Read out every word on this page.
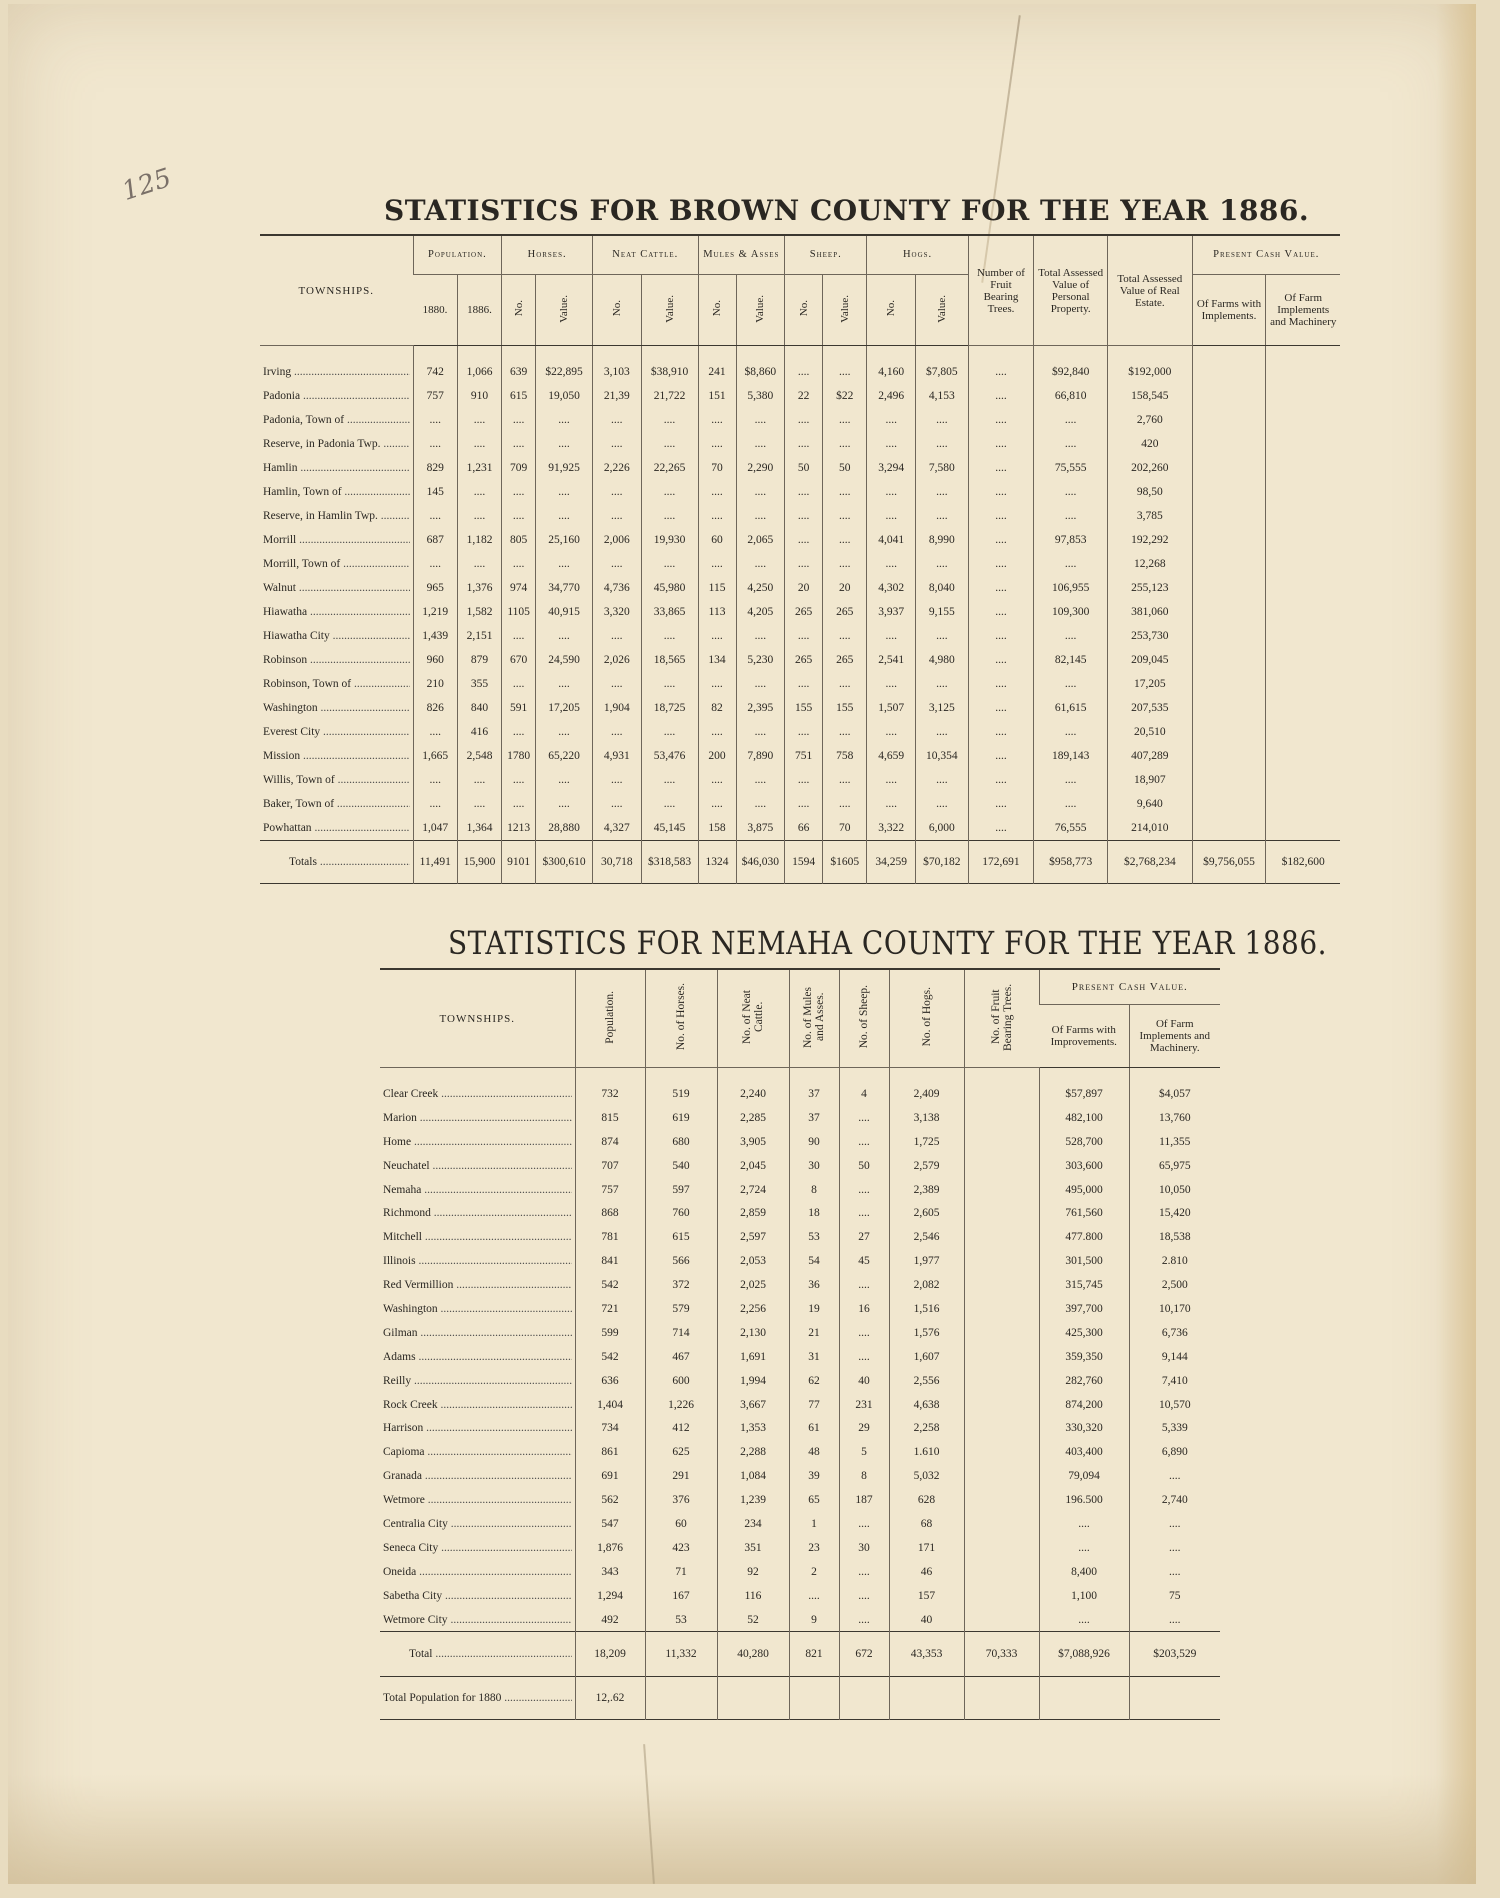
125
STATISTICS FOR BROWN COUNTY FOR THE YEAR 1886.
TOWNSHIPS.	Population.		Horses.		Neat Cattle.		Mules & Asses		Sheep.		Hogs.		Number of Fruit Bearing Trees.	Total Assessed Value of Personal Property.	Total Assessed Value of Real Estate.	Present Cash Value.	
	1880.	1886.	No.	Value.	No.	Value.	No.	Value.	No.	Value.	No.	Value.				Of Farms with Implements.	Of Farm Implements and Machinery

Irving .....	742	1,066	639	$22,895	3,103	$38,910	241	$8,860	....	....	4,160	$7,805	....	$92,840	$192,000		

Padonia .....	757	910	615	19,050	21,39	21,722	151	5,380	22	$22	2,496	4,153	....	66,810	158,545		

Padonia, Town of .....	....	....	....	....	....	....	....	....	....	....	....	....	....	....	2,760		

Reserve, in Padonia Twp. .....	....	....	....	....	....	....	....	....	....	....	....	....	....	....	420		

Hamlin .....	829	1,231	709	91,925	2,226	22,265	70	2,290	50	50	3,294	7,580	....	75,555	202,260		

Hamlin, Town of .....	145	....	....	....	....	....	....	....	....	....	....	....	....	....	98,50		

Reserve, in Hamlin Twp. .....	....	....	....	....	....	....	....	....	....	....	....	....	....	....	3,785		

Morrill .....	687	1,182	805	25,160	2,006	19,930	60	2,065	....	....	4,041	8,990	....	97,853	192,292		

Morrill, Town of .....	....	....	....	....	....	....	....	....	....	....	....	....	....	....	12,268		

Walnut .....	965	1,376	974	34,770	4,736	45,980	115	4,250	20	20	4,302	8,040	....	106,955	255,123		

Hiawatha .....	1,219	1,582	1105	40,915	3,320	33,865	113	4,205	265	265	3,937	9,155	....	109,300	381,060		

Hiawatha City .....	1,439	2,151	....	....	....	....	....	....	....	....	....	....	....	....	253,730		

Robinson .....	960	879	670	24,590	2,026	18,565	134	5,230	265	265	2,541	4,980	....	82,145	209,045		

Robinson, Town of .....	210	355	....	....	....	....	....	....	....	....	....	....	....	....	17,205		

Washington .....	826	840	591	17,205	1,904	18,725	82	2,395	155	155	1,507	3,125	....	61,615	207,535		

Everest City .....	....	416	....	....	....	....	....	....	....	....	....	....	....	....	20,510		

Mission .....	1,665	2,548	1780	65,220	4,931	53,476	200	7,890	751	758	4,659	10,354	....	189,143	407,289		

Willis, Town of .....	....	....	....	....	....	....	....	....	....	....	....	....	....	....	18,907		

Baker, Town of .....	....	....	....	....	....	....	....	....	....	....	....	....	....	....	9,640		

Powhattan .....	1,047	1,364	1213	28,880	4,327	45,145	158	3,875	66	70	3,322	6,000	....	76,555	214,010		

Totals .....	11,491	15,900	9101	$300,610	30,718	$318,583	1324	$46,030	1594	$1605	34,259	$70,182	172,691	$958,773	$2,768,234	$9,756,055	$182,600
STATISTICS FOR NEMAHA COUNTY FOR THE YEAR 1886.
TOWNSHIPS.	Population.	No. of Horses.	No. of Neat Cattle.	No. of Mules and Asses.	No. of Sheep.	No. of Hogs.	No. of Fruit Bearing Trees.	Present Cash Value.	
								Of Farms with Improvements.	Of Farm Implements and Machinery.

Clear Creek .....	732	519	2,240	37	4	2,409		$57,897	$4,057

Marion .....	815	619	2,285	37	....	3,138		482,100	13,760

Home .....	874	680	3,905	90	....	1,725		528,700	11,355

Neuchatel .....	707	540	2,045	30	50	2,579		303,600	65,975

Nemaha .....	757	597	2,724	8	....	2,389		495,000	10,050

Richmond .....	868	760	2,859	18	....	2,605		761,560	15,420

Mitchell .....	781	615	2,597	53	27	2,546		477.800	18,538

Illinois .....	841	566	2,053	54	45	1,977		301,500	2.810

Red Vermillion .....	542	372	2,025	36	....	2,082		315,745	2,500

Washington .....	721	579	2,256	19	16	1,516		397,700	10,170

Gilman .....	599	714	2,130	21	....	1,576		425,300	6,736

Adams .....	542	467	1,691	31	....	1,607		359,350	9,144

Reilly .....	636	600	1,994	62	40	2,556		282,760	7,410

Rock Creek .....	1,404	1,226	3,667	77	231	4,638		874,200	10,570

Harrison .....	734	412	1,353	61	29	2,258		330,320	5,339

Capioma .....	861	625	2,288	48	5	1.610		403,400	6,890

Granada .....	691	291	1,084	39	8	5,032		79,094	....

Wetmore .....	562	376	1,239	65	187	628		196.500	2,740

Centralia City .....	547	60	234	1	....	68		....	....

Seneca City .....	1,876	423	351	23	30	171		....	....

Oneida .....	343	71	92	2	....	46		8,400	....

Sabetha City .....	1,294	167	116	....	....	157		1,100	75

Wetmore City .....	492	53	52	9	....	40		....	....

Total .....	18,209	11,332	40,280	821	672	43,353	70,333	$7,088,926	$203,529

Total Population for 1880 .....	12,.62								
